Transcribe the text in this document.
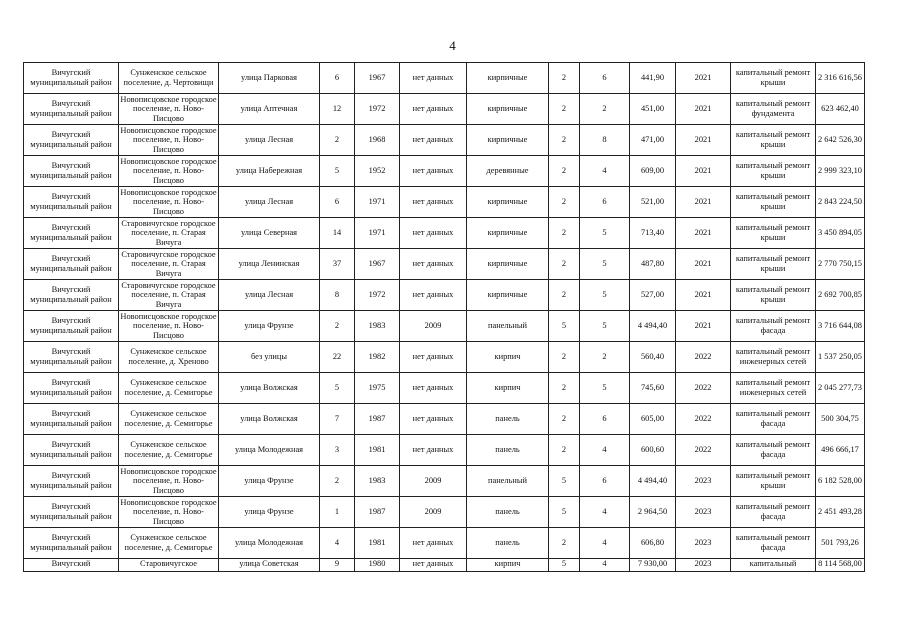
4
Вичугский муниципальный район	Сунженское сельское поселение, д. Чертовищи	улица Парковая	6	1967	нет данных	кирпичные	2	6	441,90	2021	капитальный ремонт крыши	2 316 616,56
Вичугский муниципальный район	Новописцовское городское поселение, п. Ново-Писцово	улица Аптечная	12	1972	нет данных	кирпичные	2	2	451,00	2021	капитальный ремонт фундамента	623 462,40
Вичугский муниципальный район	Новописцовское городское поселение, п. Ново-Писцово	улица Лесная	2	1968	нет данных	кирпичные	2	8	471,00	2021	капитальный ремонт крыши	2 642 526,30
Вичугский муниципальный район	Новописцовское городское поселение, п. Ново-Писцово	улица Набережная	5	1952	нет данных	деревянные	2	4	609,00	2021	капитальный ремонт крыши	2 999 323,10
Вичугский муниципальный район	Новописцовское городское поселение, п. Ново-Писцово	улица Лесная	6	1971	нет данных	кирпичные	2	6	521,00	2021	капитальный ремонт крыши	2 843 224,50
Вичугский муниципальный район	Старовичугское городское поселение, п. Старая Вичуга	улица Северная	14	1971	нет данных	кирпичные	2	5	713,40	2021	капитальный ремонт крыши	3 450 894,05
Вичугский муниципальный район	Старовичугское городское поселение, п. Старая Вичуга	улица Ленинская	37	1967	нет данных	кирпичные	2	5	487,80	2021	капитальный ремонт крыши	2 770 750,15
Вичугский муниципальный район	Старовичугское городское поселение, п. Старая Вичуга	улица Лесная	8	1972	нет данных	кирпичные	2	5	527,00	2021	капитальный ремонт крыши	2 692 700,85
Вичугский муниципальный район	Новописцовское городское поселение, п. Ново-Писцово	улица Фрунзе	2	1983	2009	панельный	5	5	4 494,40	2021	капитальный ремонт фасада	3 716 644,08
Вичугский муниципальный район	Сунженское сельское поселение, д. Хреново	без улицы	22	1982	нет данных	кирпич	2	2	560,40	2022	капитальный ремонт инженерных сетей	1 537 250,05
Вичугский муниципальный район	Сунженское сельское поселение, д. Семигорье	улица Волжская	5	1975	нет данных	кирпич	2	5	745,60	2022	капитальный ремонт инженерных сетей	2 045 277,73
Вичугский муниципальный район	Сунженское сельское поселение, д. Семигорье	улица Волжская	7	1987	нет данных	панель	2	6	605,00	2022	капитальный ремонт фасада	500 304,75
Вичугский муниципальный район	Сунженское сельское поселение, д. Семигорье	улица Молодежная	3	1981	нет данных	панель	2	4	600,60	2022	капитальный ремонт фасада	496 666,17
Вичугский муниципальный район	Новописцовское городское поселение, п. Ново-Писцово	улица Фрунзе	2	1983	2009	панельный	5	6	4 494,40	2023	капитальный ремонт крыши	6 182 528,00
Вичугский муниципальный район	Новописцовское городское поселение, п. Ново-Писцово	улица Фрунзе	1	1987	2009	панель	5	4	2 964,50	2023	капитальный ремонт фасада	2 451 493,28
Вичугский муниципальный район	Сунженское сельское поселение, д. Семигорье	улица Молодежная	4	1981	нет данных	панель	2	4	606,80	2023	капитальный ремонт фасада	501 793,26
Вичугский	Старовичугское	улица Советская	9	1980	нет данных	кирпич	5	4	7 930,00	2023	капитальный	8 114 568,00
